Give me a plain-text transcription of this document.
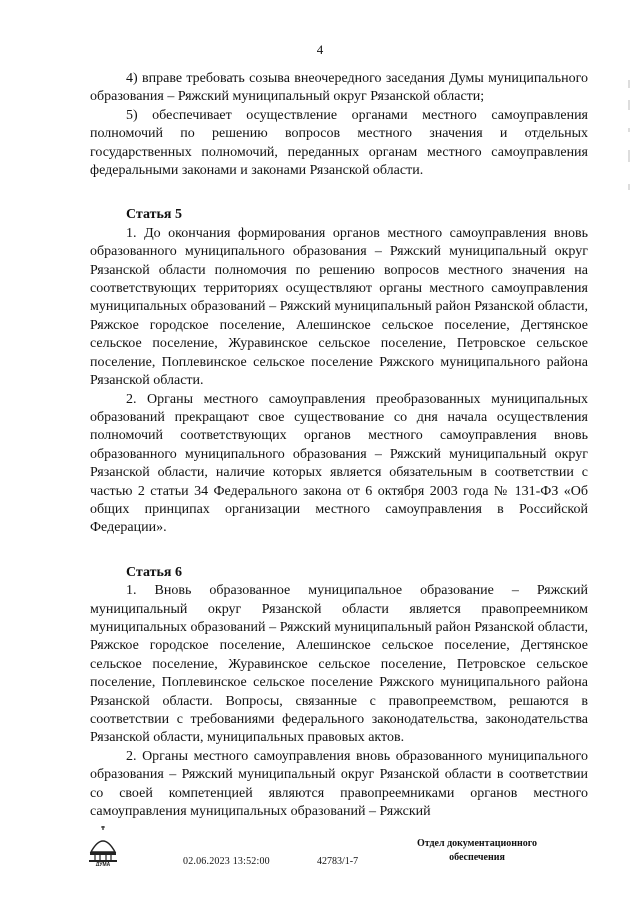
4

4) вправе требовать созыва внеочередного заседания Думы муниципального образования – Ряжский муниципальный округ Рязанской области;

5) обеспечивает осуществление органами местного самоуправления полномочий по решению вопросов местного значения и отдельных государственных полномочий, переданных органам местного самоуправления федеральными законами и законами Рязанской области.

Статья 5

1. До окончания формирования органов местного самоуправления вновь образованного муниципального образования – Ряжский муниципальный округ Рязанской области полномочия по решению вопросов местного значения на соответствующих территориях осуществляют органы местного самоуправления муниципальных образований – Ряжский муниципальный район Рязанской области, Ряжское городское поселение, Алешинское сельское поселение, Дегтянское сельское поселение, Журавинское сельское поселение, Петровское сельское поселение, Поплевинское сельское поселение Ряжского муниципального района Рязанской области.

2. Органы местного самоуправления преобразованных муниципальных образований прекращают свое существование со дня начала осуществления полномочий соответствующих органов местного самоуправления вновь образованного муниципального образования – Ряжский муниципальный округ Рязанской области, наличие которых является обязательным в соответствии с частью 2 статьи 34 Федерального закона от 6 октября 2003 года № 131-ФЗ «Об общих принципах организации местного самоуправления в Российской Федерации».

Статья 6

1. Вновь образованное муниципальное образование – Ряжский муниципальный округ Рязанской области является правопреемником муниципальных образований – Ряжский муниципальный район Рязанской области, Ряжское городское поселение, Алешинское сельское поселение, Дегтянское сельское поселение, Журавинское сельское поселение, Петровское сельское поселение, Поплевинское сельское поселение Ряжского муниципального района Рязанской области. Вопросы, связанные с правопреемством, решаются в соответствии с требованиями федерального законодательства, законодательства Рязанской области, муниципальных правовых актов.

2. Органы местного самоуправления вновь образованного муниципального образования – Ряжский муниципальный округ Рязанской области в соответствии со своей компетенцией являются правопреемниками органов местного самоуправления муниципальных образований – Ряжский

ДУМА	02.06.2023 13:52:00	42783/1-7
Отдел документационного
обеспечения
